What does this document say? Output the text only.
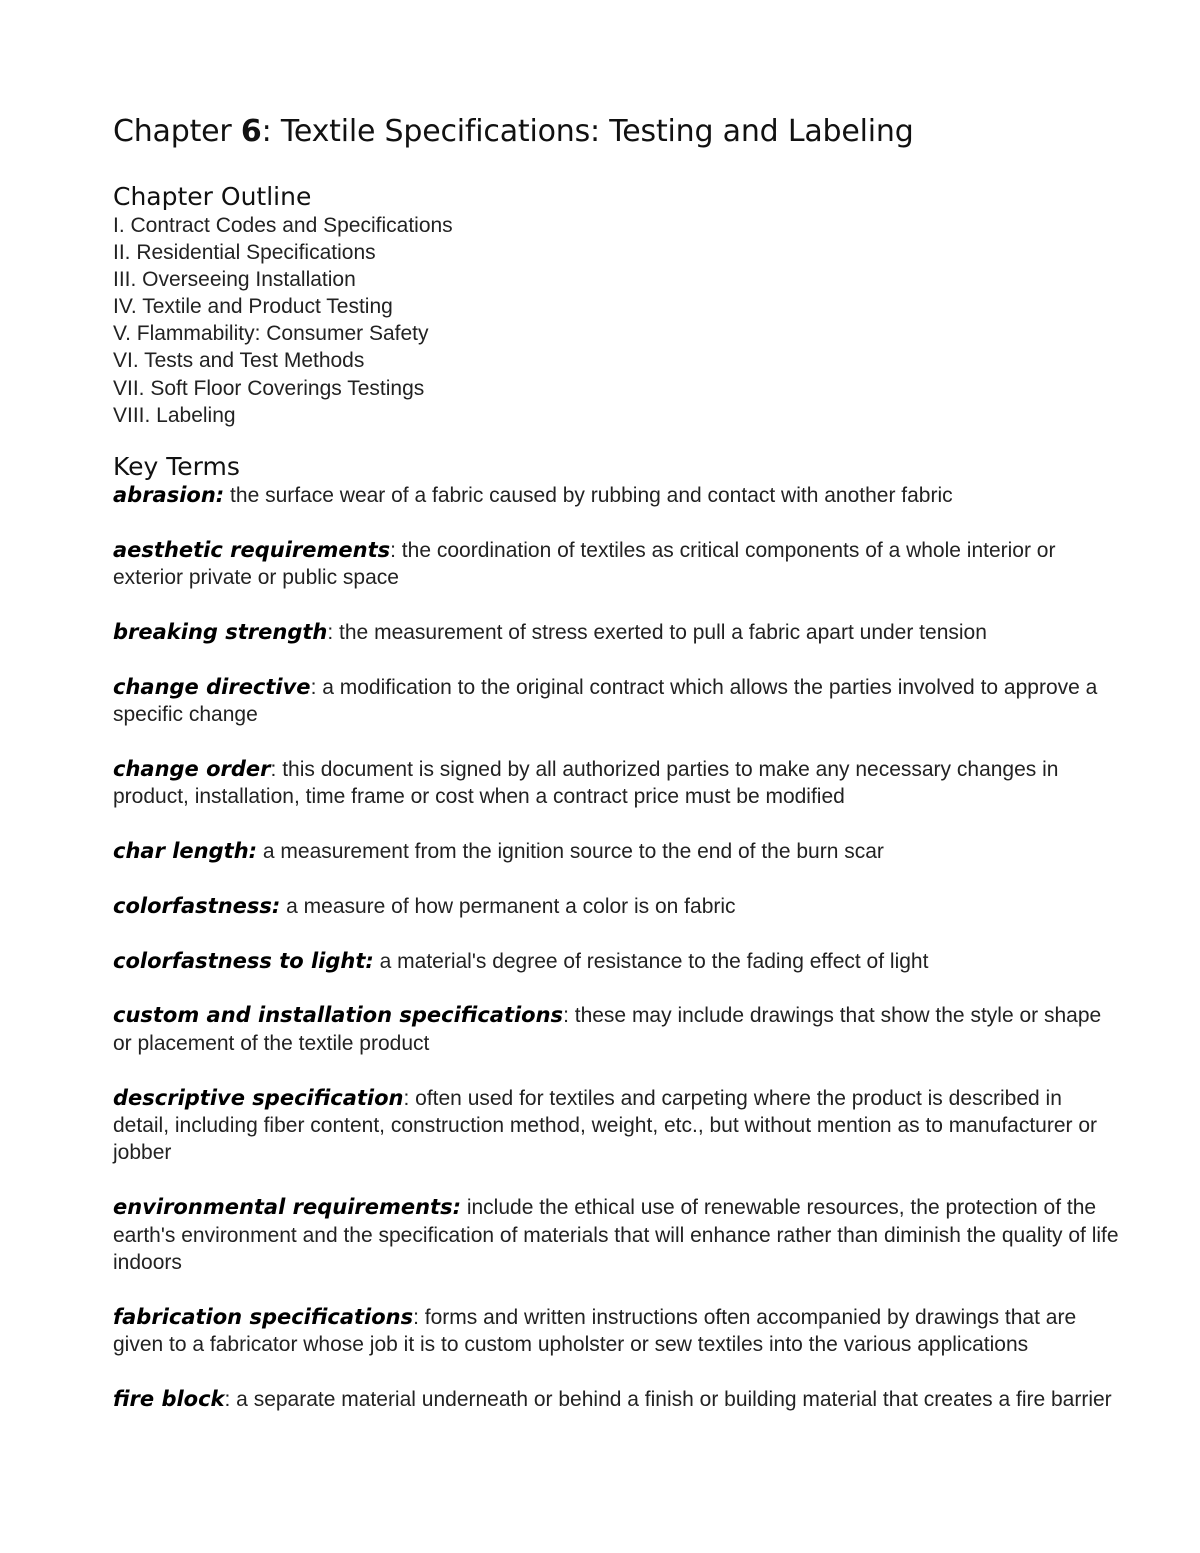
Chapter 6: Textile Specifications: Testing and Labeling
Chapter Outline
I. Contract Codes and Specifications
II. Residential Specifications
III. Overseeing Installation
IV. Textile and Product Testing
V. Flammability: Consumer Safety
VI. Tests and Test Methods
VII. Soft Floor Coverings Testings
VIII. Labeling
Key Terms

abrasion: the surface wear of a fabric caused by rubbing and contact with another fabric

aesthetic requirements: the coordination of textiles as critical components of a whole interior or exterior private or public space

breaking strength: the measurement of stress exerted to pull a fabric apart under tension

change directive: a modification to the original contract which allows the parties involved to approve a specific change

change order: this document is signed by all authorized parties to make any necessary changes in product, installation, time frame or cost when a contract price must be modified

char length: a measurement from the ignition source to the end of the burn scar

colorfastness: a measure of how permanent a color is on fabric

colorfastness to light: a material's degree of resistance to the fading effect of light

custom and installation specifications: these may include drawings that show the style or shape or placement of the textile product

descriptive specification: often used for textiles and carpeting where the product is described in detail, including fiber content, construction method, weight, etc., but without mention as to manufacturer or jobber

environmental requirements: include the ethical use of renewable resources, the protection of the earth's environment and the specification of materials that will enhance rather than diminish the quality of life indoors

fabrication specifications: forms and written instructions often accompanied by drawings that are given to a fabricator whose job it is to custom upholster or sew textiles into the various applications

fire block: a separate material underneath or behind a finish or building material that creates a fire barrier
